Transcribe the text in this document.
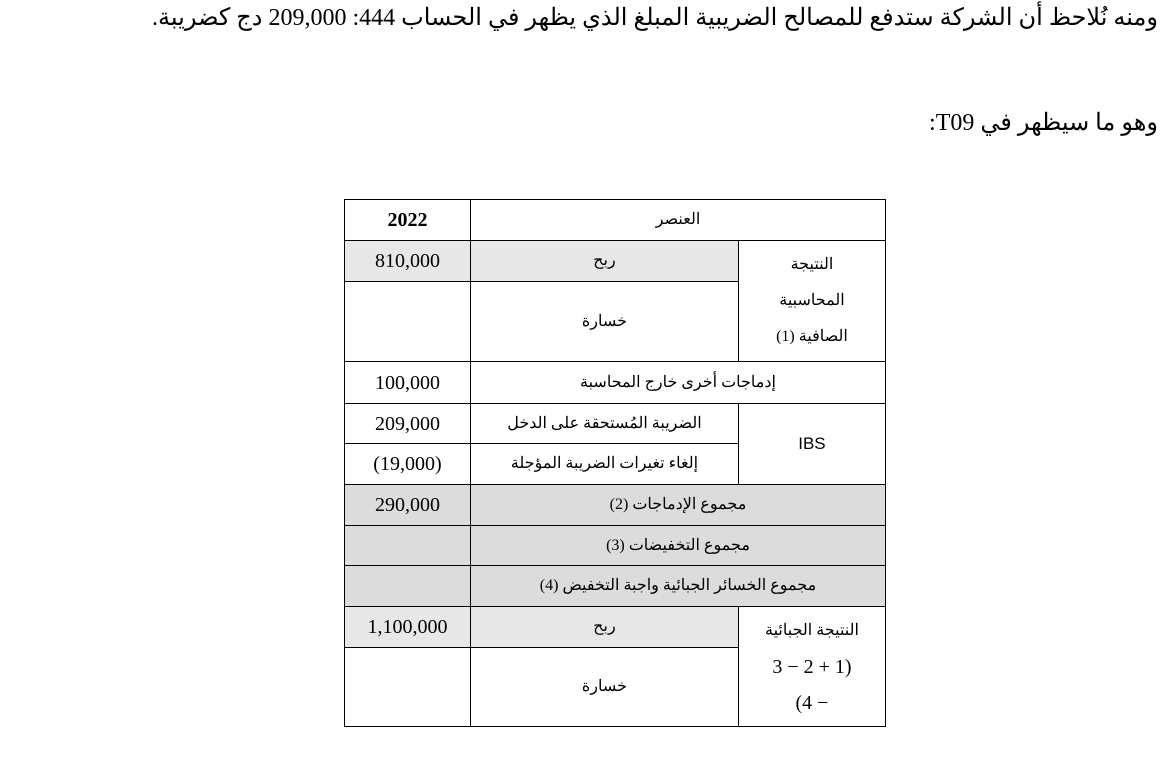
ومنه نُلاحظ أن الشركة ستدفع للمصالح الضريبية المبلغ الذي يظهر في الحساب 444: 209,000 دج كضريبة.
وهو ما سيظهر في T09:
العنصر		2022

النتيجة
المحاسبية
الصافية (1)	ربح	810,000
	خسارة	
إدماجات أخرى خارج المحاسبة		100,000
IBS	الضريبة المُستحقة على الدخل	209,000
	إلغاء تغيرات الضريبة المؤجلة	(19,000)
مجموع الإدماجات (2)		290,000
مجموع التخفيضات (3)		
مجموع الخسائر الجبائية واجبة التخفيض (4)		

النتيجة الجبائية
(1 + 2 − 3
− 4)	ربح	1,100,000
	خسارة	
